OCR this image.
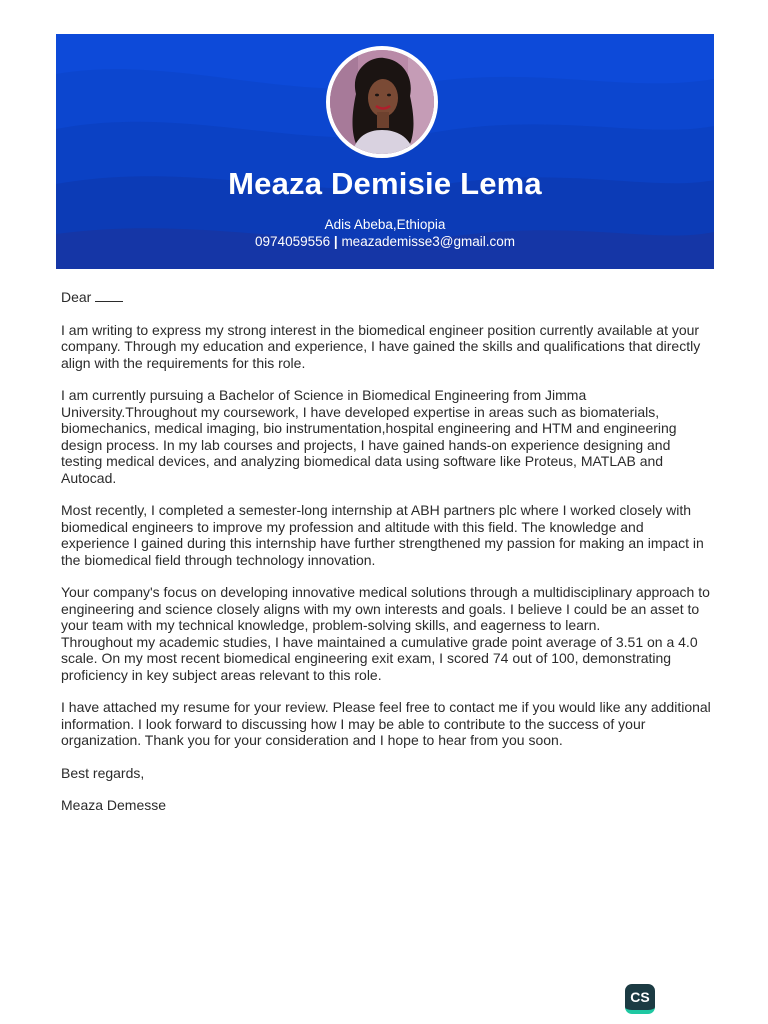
Meaza Demisie Lema
Adis Abeba,Ethiopia
0974059556 | meazademisse3@gmail.com

Dear

I am writing to express my strong interest in the biomedical engineer position currently available at your company. Through my education and experience, I have gained the skills and qualifications that directly align with the requirements for this role.

I am currently pursuing a Bachelor of Science in Biomedical Engineering from Jimma University.Throughout my coursework, I have developed expertise in areas such as biomaterials, biomechanics, medical imaging, bio instrumentation,hospital engineering and HTM and engineering design process. In my lab courses and projects, I have gained hands-on experience designing and testing medical devices, and analyzing biomedical data using software like Proteus, MATLAB and Autocad.

Most recently, I completed a semester-long internship at ABH partners plc where I worked closely with biomedical engineers to improve my profession and altitude with this field. The knowledge and experience I gained during this internship have further strengthened my passion for making an impact in the biomedical field through technology innovation.

Your company's focus on developing innovative medical solutions through a multidisciplinary approach to engineering and science closely aligns with my own interests and goals. I believe I could be an asset to your team with my technical knowledge, problem-solving skills, and eagerness to learn.

Throughout my academic studies, I have maintained a cumulative grade point average of 3.51 on a 4.0 scale. On my most recent biomedical engineering exit exam, I scored 74 out of 100, demonstrating proficiency in key subject areas relevant to this role.

I have attached my resume for your review. Please feel free to contact me if you would like any additional information. I look forward to discussing how I may be able to contribute to the success of your organization. Thank you for your consideration and I hope to hear from you soon.

Best regards,

Meaza Demesse

CS
